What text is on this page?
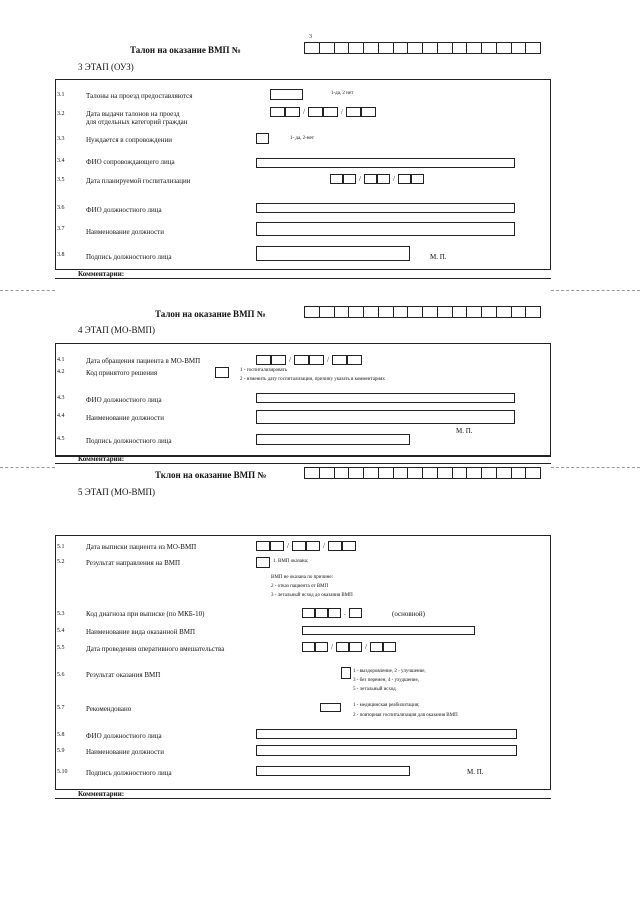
3
Талон на оказание ВМП №
3 ЭТАП (ОУЗ)
Комментарии:
3.1	Талоны на проезд предоставляются	1-да, 2 нет
3.2	Дата выдачи талонов на проезд
для отдельных категорий граждан
/	/
3.3	Нуждается в сопровождении	1- да, 2-нет
3.4	ФИО сопровождающего лица
3.5	Дата планируемой госпитализации	/	/
3.6	ФИО должностного лица
3.7	Наименование должности
3.8	Подпись должностного лица	М. П.
Талон на оказание ВМП №
4 ЭТАП (МО-ВМП)
Комментарии:
4.1	Дата обращения пациента в МО-ВМП	/	/
4.2	Код принятого решения	1 - госпитализировать
2 - изменить дату госпитализации, причину указать в комментариях
4.3	ФИО должностного лица
4.4	Наименование должности
М. П.
4.5	Подпись должностного лица
Тклон на оказание ВМП №
5 ЭТАП (МО-ВМП)
Комментарии:
5.1	Дата выписки пациента из МО-ВМП	/	/
5.2	Результат направления на ВМП	1. ВМП оказана;
ВМП не оказана по причине:
2 - отказ пациента от ВМП
3 - летальный исход до оказания ВМП
5.3	Код диагноза при выписке (по МКБ-10)	.	(основной)
5.4	Наименование вида оказанной ВМП
5.5	Дата проведения оперативного вмешательства	/	/
5.6	Результат оказания ВМП	1 - выздоровление, 2 - улучшение,
3 - без перемен, 4 - ухудшение,
5 - летальный исход
5.7	Рекомендовано	1 - медицинская реабилитация;
2 - повторная госпитализация для оказания ВМП
5.8	ФИО должностного лица
5.9	Наименование должности
5.10	Подпись должностного лица	М. П.
